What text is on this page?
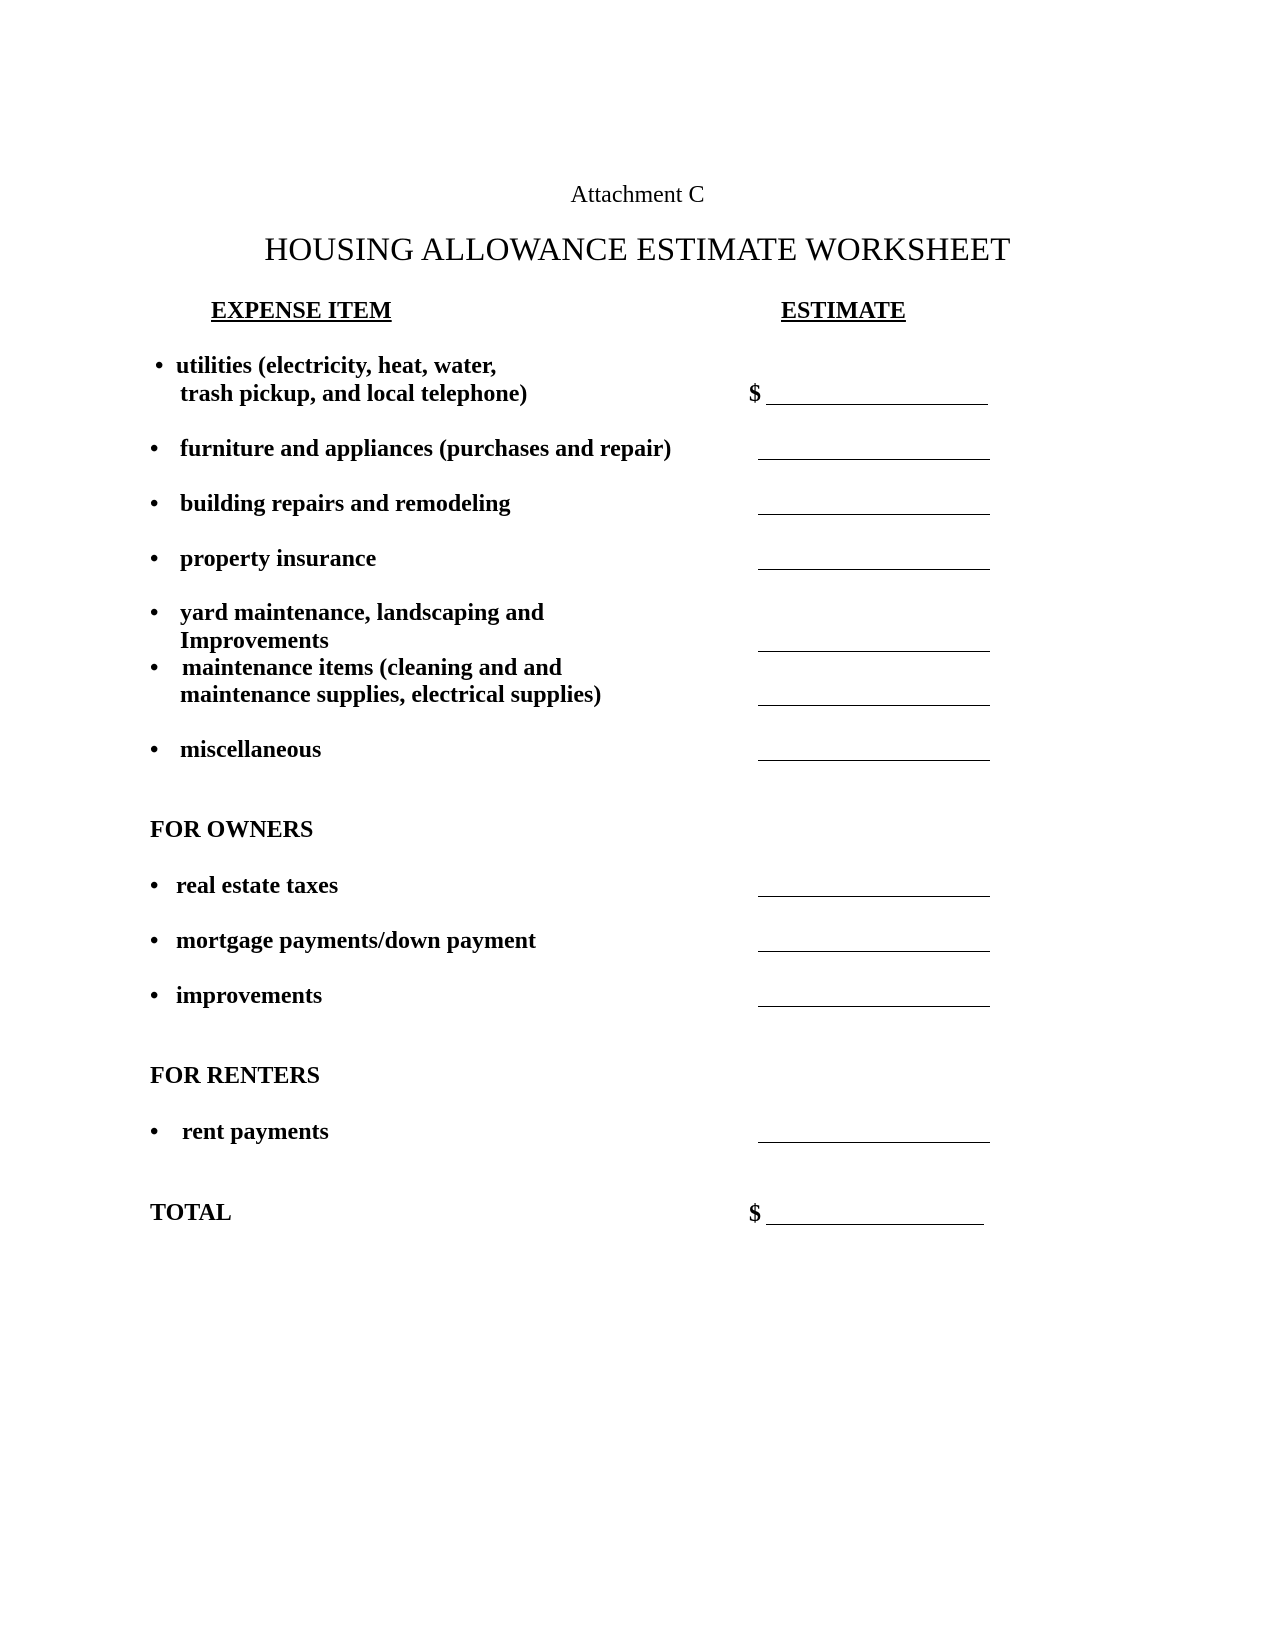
Attachment C
HOUSING ALLOWANCE ESTIMATE WORKSHEET
EXPENSE ITEM	ESTIMATE
• utilities (electricity, heat, water,
trash pickup, and local telephone)	$
• furniture and appliances (purchases and repair)
• building repairs and remodeling
• property insurance
• yard maintenance, landscaping and
Improvements
• maintenance items (cleaning and and
maintenance supplies, electrical supplies)
• miscellaneous
FOR OWNERS
• real estate taxes
• mortgage payments/down payment
• improvements
FOR RENTERS
• rent payments
TOTAL	$
